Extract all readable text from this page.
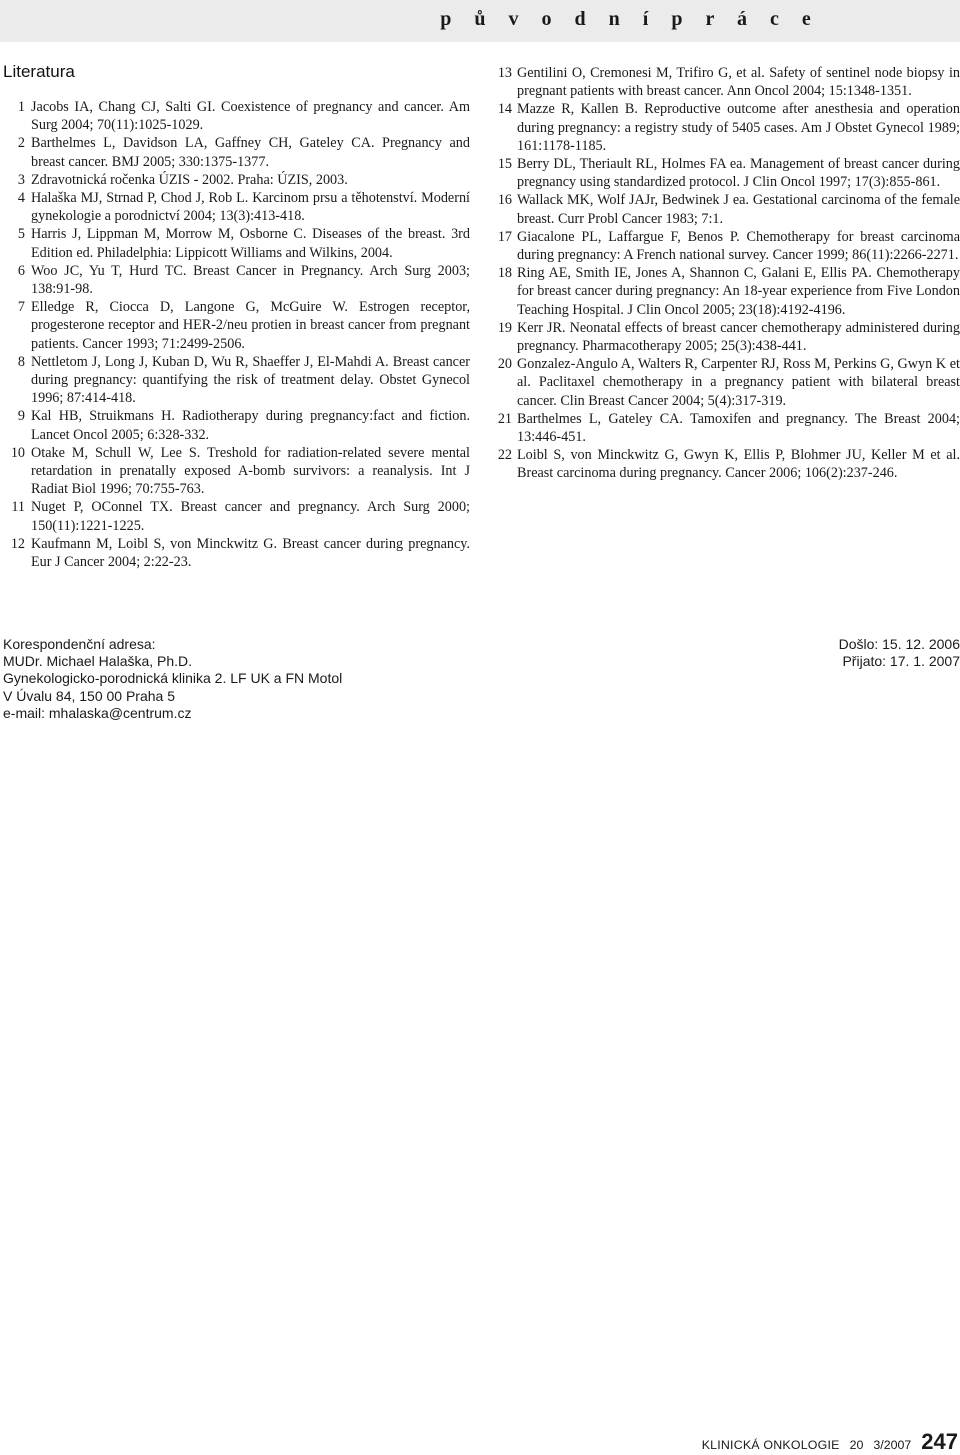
p ů v o d n í p r á c e
Literatura
1 Jacobs IA, Chang CJ, Salti GI. Coexistence of pregnancy and cancer. Am Surg 2004; 70(11):1025-1029.
2 Barthelmes L, Davidson LA, Gaffney CH, Gateley CA. Pregnancy and breast cancer. BMJ 2005; 330:1375-1377.
3 Zdravotnická ročenka ÚZIS - 2002. Praha: ÚZIS, 2003.
4 Halaška MJ, Strnad P, Chod J, Rob L. Karcinom prsu a těhotenství. Moderní gynekologie a porodnictví 2004; 13(3):413-418.
5 Harris J, Lippman M, Morrow M, Osborne C. Diseases of the breast. 3rd Edition ed. Philadelphia: Lippicott Williams and Wilkins, 2004.
6 Woo JC, Yu T, Hurd TC. Breast Cancer in Pregnancy. Arch Surg 2003; 138:91-98.
7 Elledge R, Ciocca D, Langone G, McGuire W. Estrogen receptor, progesterone receptor and HER-2/neu protien in breast cancer from pregnant patients. Cancer 1993; 71:2499-2506.
8 Nettletom J, Long J, Kuban D, Wu R, Shaeffer J, El-Mahdi A. Breast cancer during pregnancy: quantifying the risk of treatment delay. Obstet Gynecol 1996; 87:414-418.
9 Kal HB, Struikmans H. Radiotherapy during pregnancy:fact and fiction. Lancet Oncol 2005; 6:328-332.
10 Otake M, Schull W, Lee S. Treshold for radiation-related severe mental retardation in prenatally exposed A-bomb survivors: a reanalysis. Int J Radiat Biol 1996; 70:755-763.
11 Nuget P, OConnel TX. Breast cancer and pregnancy. Arch Surg 2000; 150(11):1221-1225.
12 Kaufmann M, Loibl S, von Minckwitz G. Breast cancer during pregnancy. Eur J Cancer 2004; 2:22-23.
13 Gentilini O, Cremonesi M, Trifiro G, et al. Safety of sentinel node biopsy in pregnant patients with breast cancer. Ann Oncol 2004; 15:1348-1351.
14 Mazze R, Kallen B. Reproductive outcome after anesthesia and operation during pregnancy: a registry study of 5405 cases. Am J Obstet Gynecol 1989; 161:1178-1185.
15 Berry DL, Theriault RL, Holmes FA ea. Management of breast cancer during pregnancy using standardized protocol. J Clin Oncol 1997; 17(3):855-861.
16 Wallack MK, Wolf JAJr, Bedwinek J ea. Gestational carcinoma of the female breast. Curr Probl Cancer 1983; 7:1.
17 Giacalone PL, Laffargue F, Benos P. Chemotherapy for breast carcinoma during pregnancy: A French national survey. Cancer 1999; 86(11):2266-2271.
18 Ring AE, Smith IE, Jones A, Shannon C, Galani E, Ellis PA. Chemotherapy for breast cancer during pregnancy: An 18-year experience from Five London Teaching Hospital. J Clin Oncol 2005; 23(18):4192-4196.
19 Kerr JR. Neonatal effects of breast cancer chemotherapy administered during pregnancy. Pharmacotherapy 2005; 25(3):438-441.
20 Gonzalez-Angulo A, Walters R, Carpenter RJ, Ross M, Perkins G, Gwyn K et al. Paclitaxel chemotherapy in a pregnancy patient with bilateral breast cancer. Clin Breast Cancer 2004; 5(4):317-319.
21 Barthelmes L, Gateley CA. Tamoxifen and pregnancy. The Breast 2004; 13:446-451.
22 Loibl S, von Minckwitz G, Gwyn K, Ellis P, Blohmer JU, Keller M et al. Breast carcinoma during pregnancy. Cancer 2006; 106(2):237-246.
Korespondenční adresa:
MUDr. Michael Halaška, Ph.D.
Gynekologicko-porodnická klinika 2. LF UK a FN Motol
V Úvalu 84, 150 00 Praha 5
e-mail: mhalaska@centrum.cz
Došlo: 15. 12. 2006
Přijato: 17. 1. 2007
KLINICKÁ ONKOLOGIE 20 3/2007 247
